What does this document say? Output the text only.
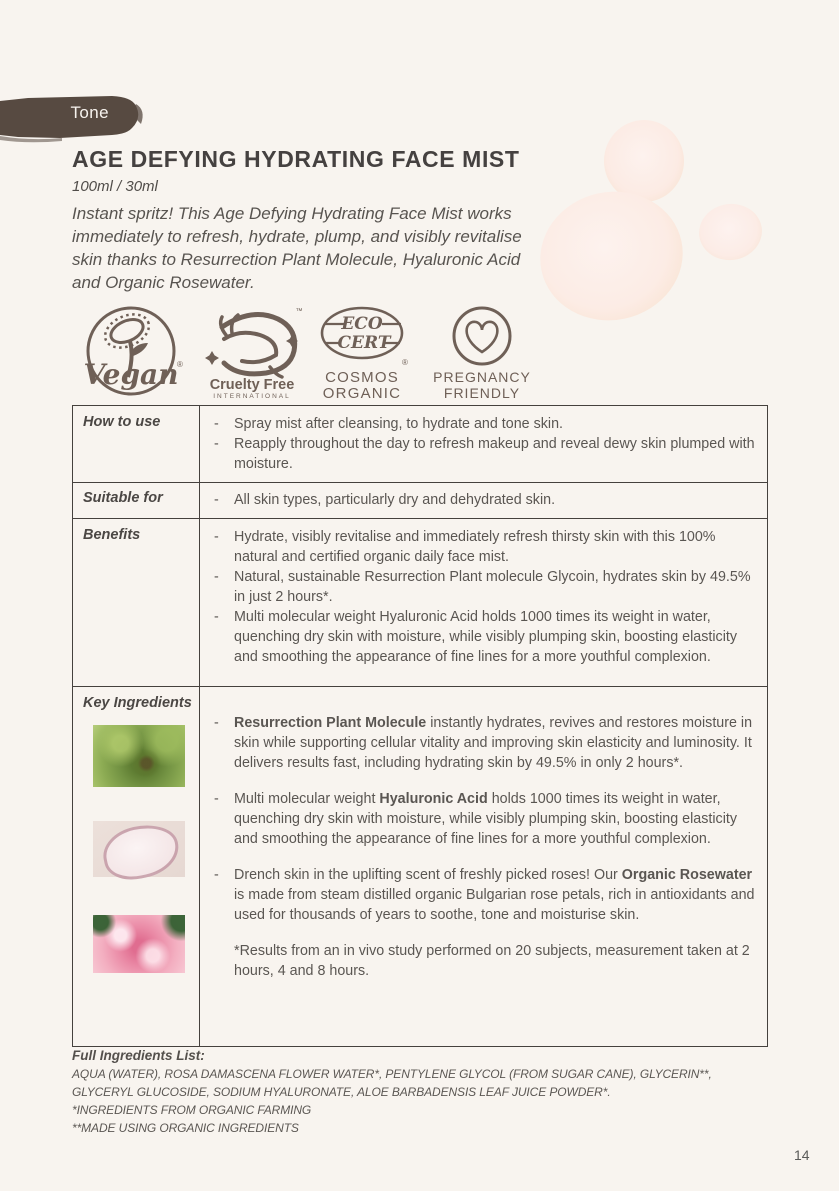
Tone
AGE DEFYING HYDRATING FACE MIST
100ml / 30ml
Instant spritz! This Age Defying Hydrating Face Mist works immediately to refresh, hydrate, plump, and visibly revitalise skin thanks to Resurrection Plant Molecule, Hyaluronic Acid and Organic Rosewater.
Vegan
®
™
Cruelty Free
INTERNATIONAL
ECO
CERT
®
COSMOS
ORGANIC
PREGNANCY
FRIENDLY
How to use	-	Spray mist after cleansing, to hydrate and tone skin.
-	Reapply throughout the day to refresh makeup and reveal dewy skin plumped with moisture.
Suitable for	-	All skin types, particularly dry and dehydrated skin.
Benefits	-	Hydrate, visibly revitalise and immediately refresh thirsty skin with this 100% natural and certified organic daily face mist.
-	Natural, sustainable Resurrection Plant molecule Glycoin, hydrates skin by 49.5% in just 2 hours*.
-	Multi molecular weight Hyaluronic Acid holds 1000 times its weight in water, quenching dry skin with moisture, while visibly plumping skin, boosting elasticity and smoothing the appearance of fine lines for a more youthful complexion.
Key Ingredients
-	Resurrection Plant Molecule instantly hydrates, revives and restores moisture in skin while supporting cellular vitality and improving skin elasticity and luminosity. It delivers results fast, including hydrating skin by 49.5% in only 2 hours*.
-	Multi molecular weight Hyaluronic Acid holds 1000 times its weight in water, quenching dry skin with moisture, while visibly plumping skin, boosting elasticity and smoothing the appearance of fine lines for a more youthful complexion.
-	Drench skin in the uplifting scent of freshly picked roses! Our Organic Rosewater is made from steam distilled organic Bulgarian rose petals, rich in antioxidants and used for thousands of years to soothe, tone and moisturise skin.
*Results from an in vivo study performed on 20 subjects, measurement taken at 2 hours, 4 and 8 hours.
Full Ingredients List:
AQUA (WATER), ROSA DAMASCENA FLOWER WATER*, PENTYLENE GLYCOL (FROM SUGAR CANE), GLYCERIN**, GLYCERYL GLUCOSIDE, SODIUM HYALURONATE, ALOE BARBADENSIS LEAF JUICE POWDER*.
*INGREDIENTS FROM ORGANIC FARMING
**MADE USING ORGANIC INGREDIENTS
14
